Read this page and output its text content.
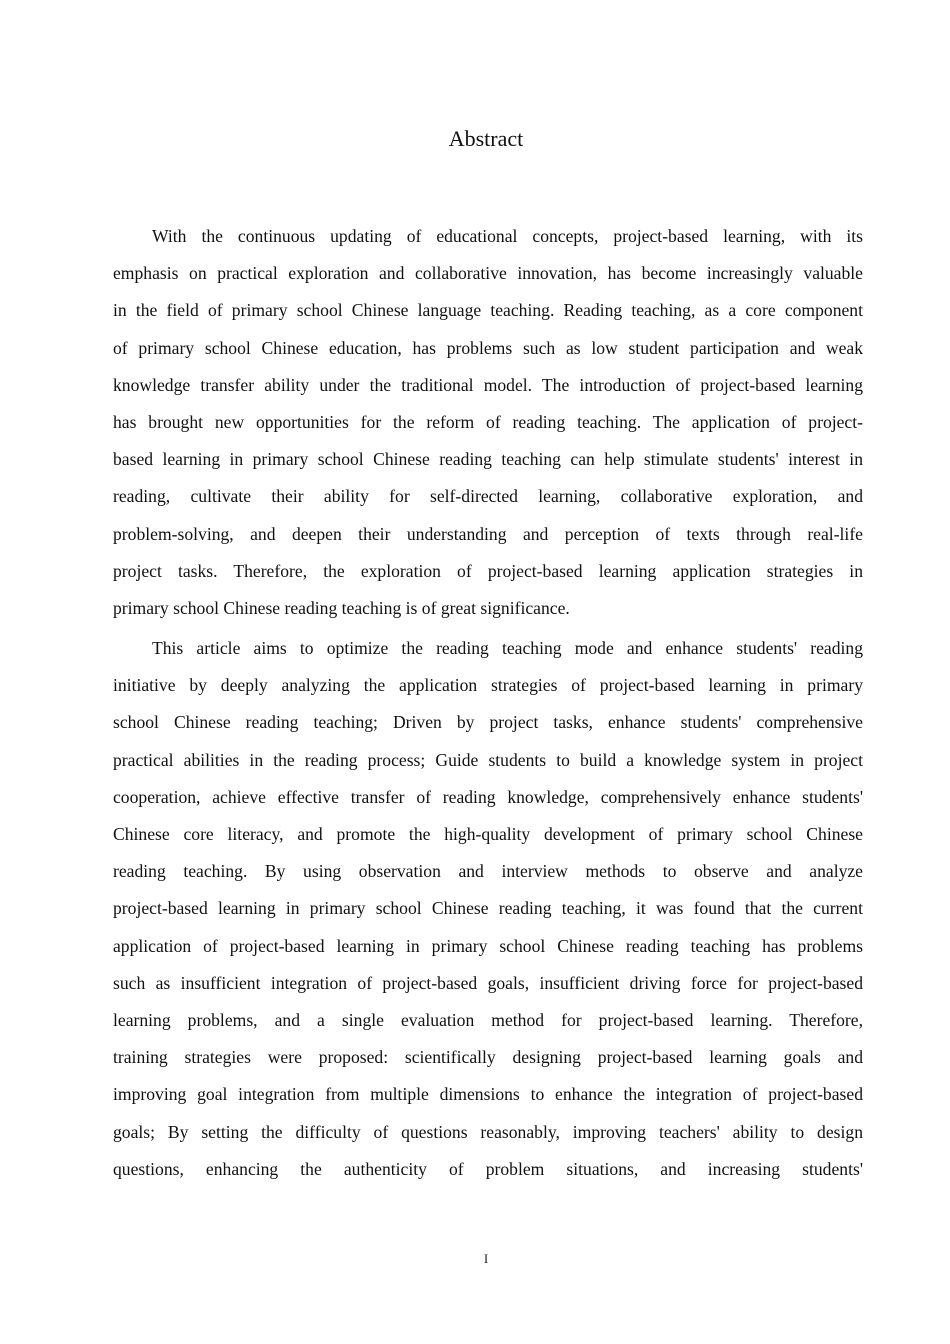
Abstract
With the continuous updating of educational concepts, project-based learning, with its
emphasis on practical exploration and collaborative innovation, has become increasingly valuable
in the field of primary school Chinese language teaching. Reading teaching, as a core component
of primary school Chinese education, has problems such as low student participation and weak
knowledge transfer ability under the traditional model. The introduction of project-based learning
has brought new opportunities for the reform of reading teaching. The application of project-
based learning in primary school Chinese reading teaching can help stimulate students' interest in
reading, cultivate their ability for self-directed learning, collaborative exploration, and
problem-solving, and deepen their understanding and perception of texts through real-life
project tasks. Therefore, the exploration of project-based learning application strategies in
primary school Chinese reading teaching is of great significance.
This article aims to optimize the reading teaching mode and enhance students' reading
initiative by deeply analyzing the application strategies of project-based learning in primary
school Chinese reading teaching; Driven by project tasks, enhance students' comprehensive
practical abilities in the reading process; Guide students to build a knowledge system in project
cooperation, achieve effective transfer of reading knowledge, comprehensively enhance students'
Chinese core literacy, and promote the high-quality development of primary school Chinese
reading teaching. By using observation and interview methods to observe and analyze
project-based learning in primary school Chinese reading teaching, it was found that the current
application of project-based learning in primary school Chinese reading teaching has problems
such as insufficient integration of project-based goals, insufficient driving force for project-based
learning problems, and a single evaluation method for project-based learning. Therefore,
training strategies were proposed: scientifically designing project-based learning goals and
improving goal integration from multiple dimensions to enhance the integration of project-based
goals; By setting the difficulty of questions reasonably, improving teachers' ability to design
questions, enhancing the authenticity of problem situations, and increasing students'
I
